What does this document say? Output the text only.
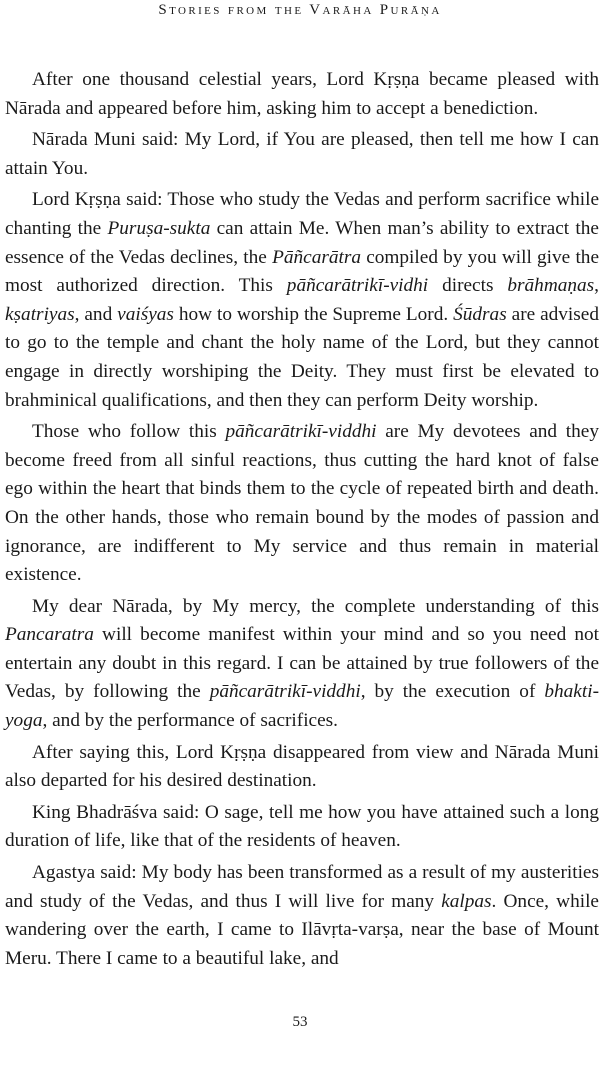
Stories from the Varāha Purāṇa

After one thousand celestial years, Lord Kṛṣṇa became pleased with Nārada and appeared before him, asking him to accept a benediction.

Nārada Muni said: My Lord, if You are pleased, then tell me how I can attain You.

Lord Kṛṣṇa said: Those who study the Vedas and perform sacrifice while chanting the Puruṣa-sukta can attain Me. When man’s ability to extract the essence of the Vedas declines, the Pāñcarātra compiled by you will give the most authorized direction. This pāñcarātrikī-vidhi directs brāhmaṇas, kṣatriyas, and vaiśyas how to worship the Supreme Lord. Śūdras are advised to go to the temple and chant the holy name of the Lord, but they cannot engage in directly worshiping the Deity. They must first be elevated to brahminical qualifications, and then they can perform Deity worship.

Those who follow this pāñcarātrikī-viddhi are My devotees and they become freed from all sinful reactions, thus cutting the hard knot of false ego within the heart that binds them to the cycle of repeated birth and death. On the other hands, those who remain bound by the modes of passion and ignorance, are indifferent to My service and thus remain in material existence.

My dear Nārada, by My mercy, the complete understanding of this Pancaratra will become manifest within your mind and so you need not entertain any doubt in this regard. I can be attained by true followers of the Vedas, by following the pāñcarātrikī-viddhi, by the execution of bhakti-yoga, and by the performance of sacrifices.

After saying this, Lord Kṛṣṇa disappeared from view and Nārada Muni also departed for his desired destination.

King Bhadrāśva said: O sage, tell me how you have attained such a long duration of life, like that of the residents of heaven.

Agastya said: My body has been transformed as a result of my austerities and study of the Vedas, and thus I will live for many kalpas. Once, while wandering over the earth, I came to Ilāvṛta-varṣa, near the base of Mount Meru. There I came to a beautiful lake, and

53
